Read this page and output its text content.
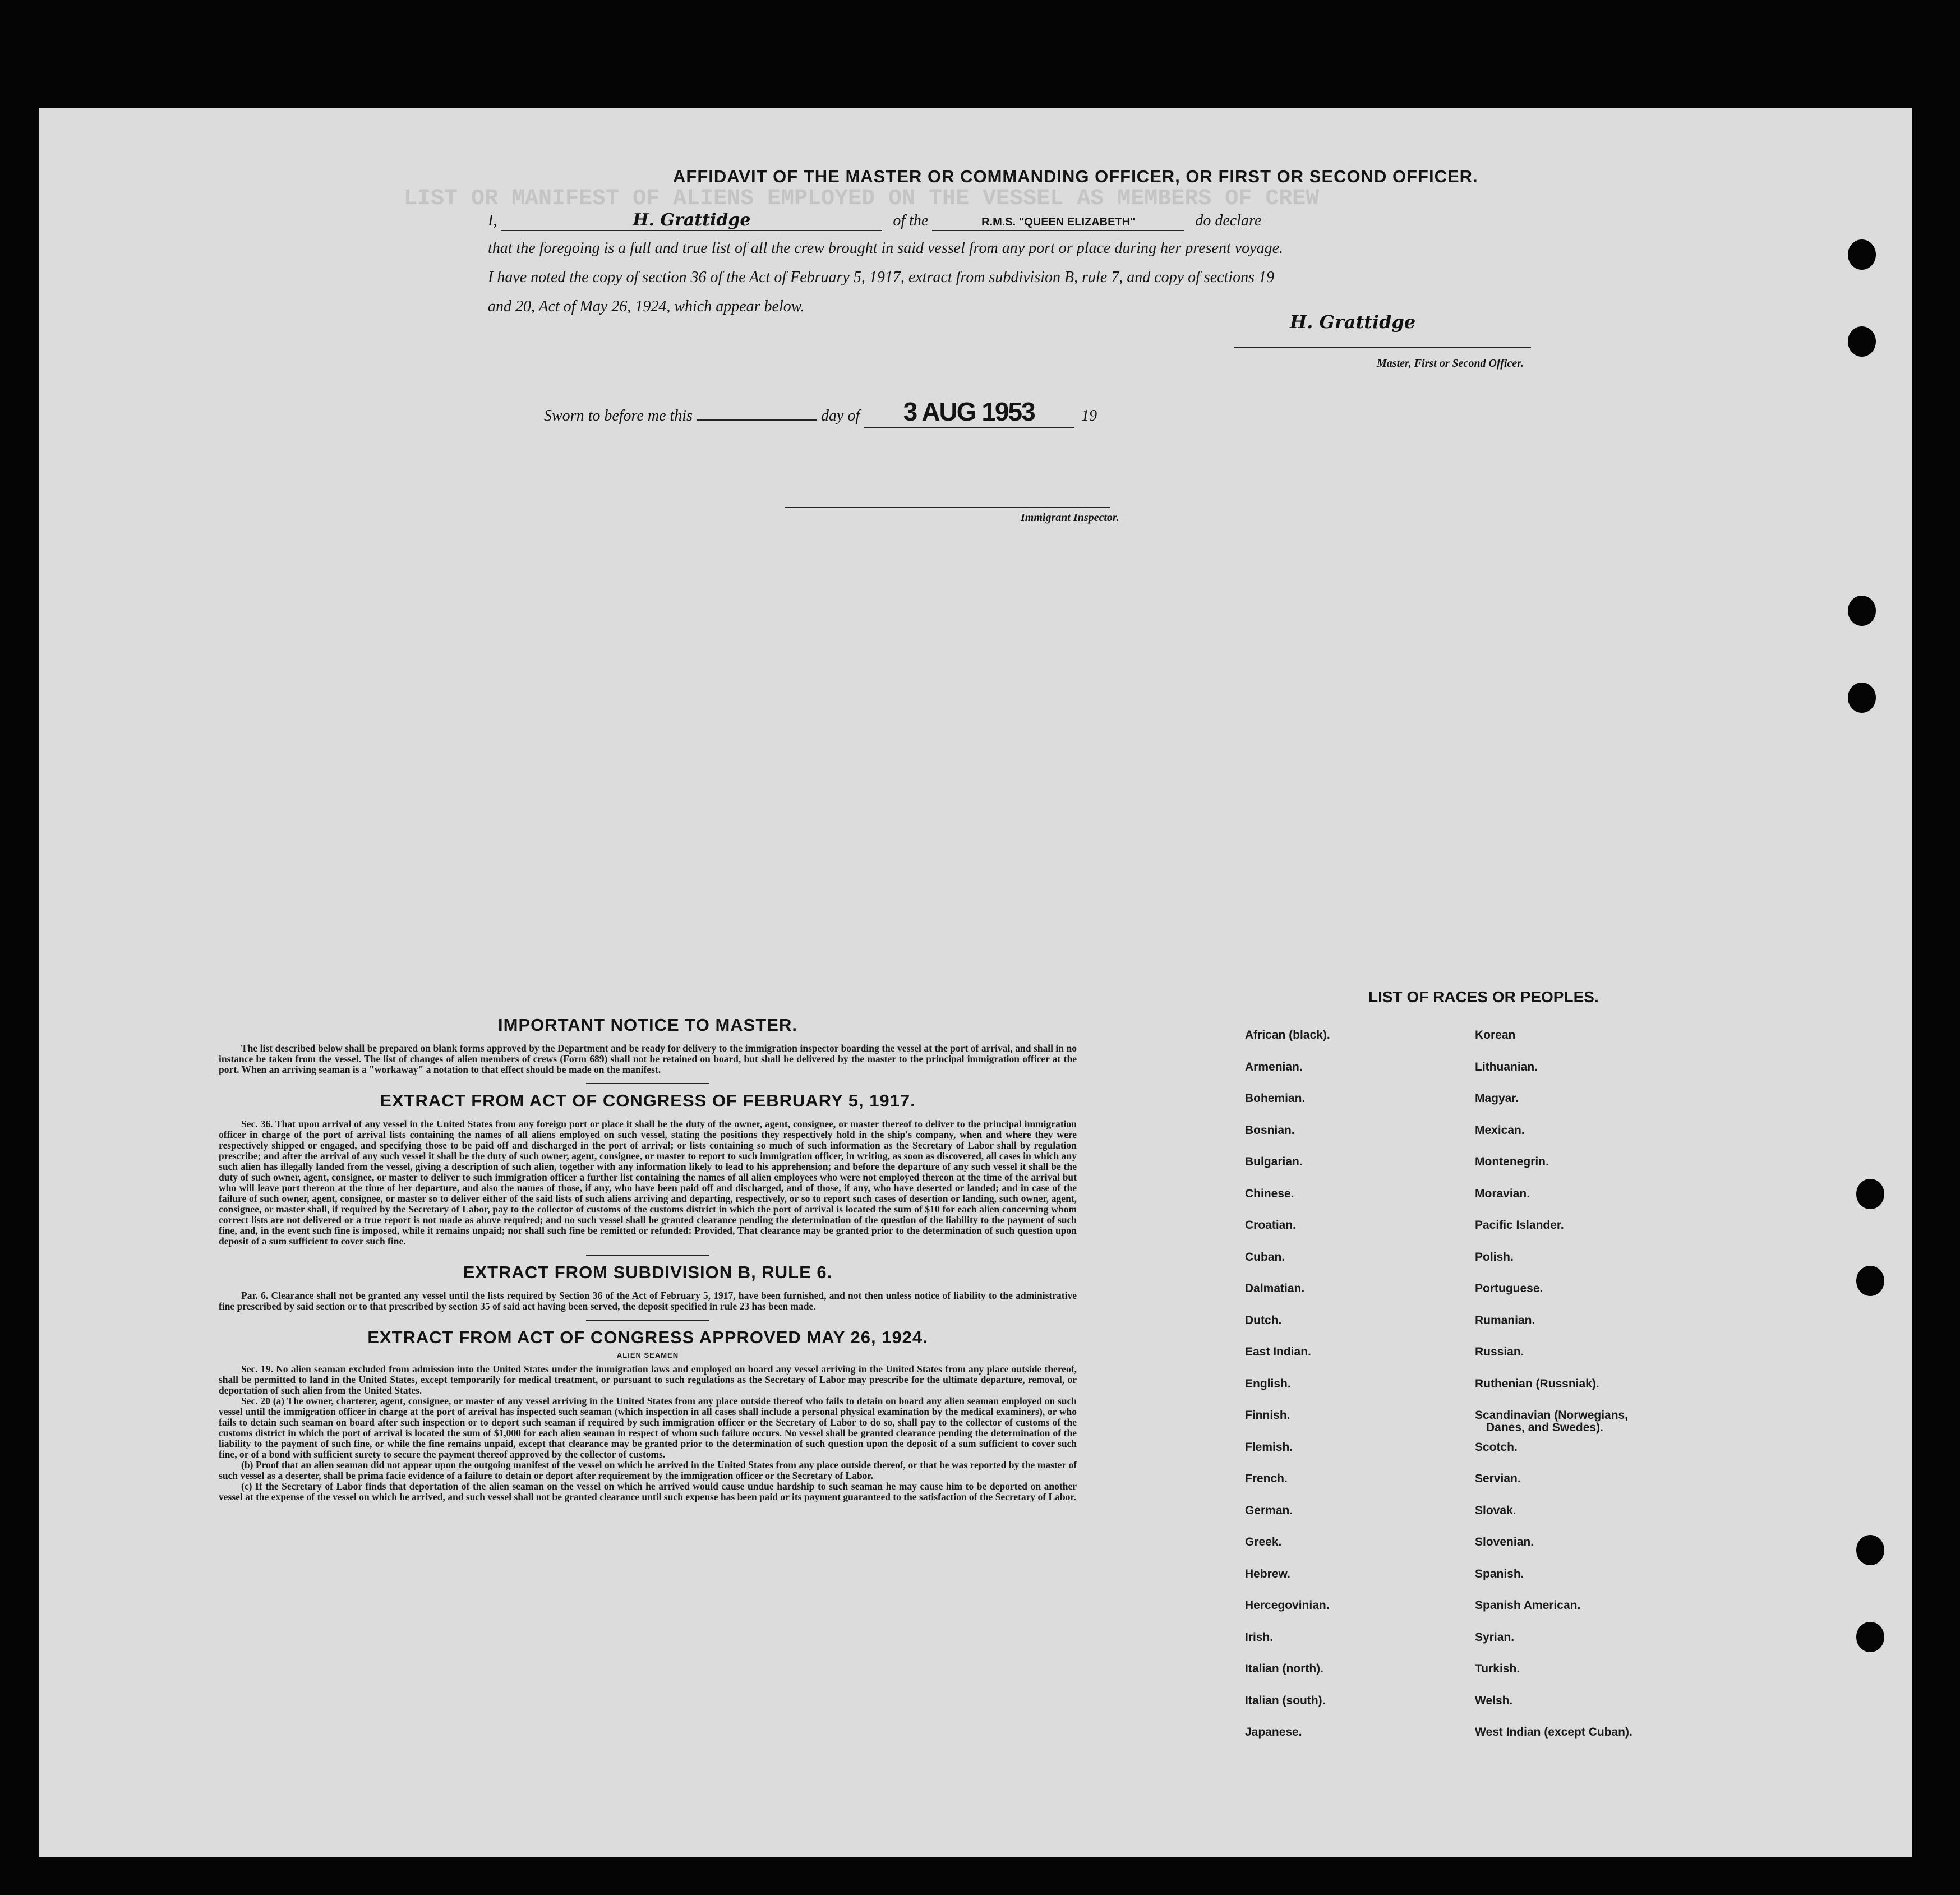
LIST OR MANIFEST OF ALIENS EMPLOYED ON THE VESSEL AS MEMBERS OF CREW
AFFIDAVIT OF THE MASTER OR COMMANDING OFFICER, OR FIRST OR SECOND OFFICER.
I,	H. Grattidge	of the	R.M.S. "QUEEN ELIZABETH"	do declare
that the foregoing is a full and true list of all the crew brought in said vessel from any port or place during her present voyage.
I have noted the copy of section 36 of the Act of February 5, 1917, extract from subdivision B, rule 7, and copy of sections 19
and 20, Act of May 26, 1924, which appear below.
H. Grattidge
Master, First or Second Officer.
Sworn to before me this	day of 3 AUG 1953	19
Immigrant Inspector.
IMPORTANT NOTICE TO MASTER.
The list described below shall be prepared on blank forms approved by the Department and be ready for delivery to the immigration inspector boarding the vessel at the port of arrival, and shall in no instance be taken from the vessel. The list of changes of alien members of crews (Form 689) shall not be retained on board, but shall be delivered by the master to the principal immigration officer at the port. When an arriving seaman is a "workaway" a notation to that effect should be made on the manifest.
EXTRACT FROM ACT OF CONGRESS OF FEBRUARY 5, 1917.
Sec. 36. That upon arrival of any vessel in the United States from any foreign port or place it shall be the duty of the owner, agent, consignee, or master thereof to deliver to the principal immigration officer in charge of the port of arrival lists containing the names of all aliens employed on such vessel, stating the positions they respectively hold in the ship's company, when and where they were respectively shipped or engaged, and specifying those to be paid off and discharged in the port of arrival; or lists containing so much of such information as the Secretary of Labor shall by regulation prescribe; and after the arrival of any such vessel it shall be the duty of such owner, agent, consignee, or master to report to such immigration officer, in writing, as soon as discovered, all cases in which any such alien has illegally landed from the vessel, giving a description of such alien, together with any information likely to lead to his apprehension; and before the departure of any such vessel it shall be the duty of such owner, agent, consignee, or master to deliver to such immigration officer a further list containing the names of all alien employees who were not employed thereon at the time of the arrival but who will leave port thereon at the time of her departure, and also the names of those, if any, who have been paid off and discharged, and of those, if any, who have deserted or landed; and in case of the failure of such owner, agent, consignee, or master so to deliver either of the said lists of such aliens arriving and departing, respectively, or so to report such cases of desertion or landing, such owner, agent, consignee, or master shall, if required by the Secretary of Labor, pay to the collector of customs of the customs district in which the port of arrival is located the sum of $10 for each alien concerning whom correct lists are not delivered or a true report is not made as above required; and no such vessel shall be granted clearance pending the determination of the question of the liability to the payment of such fine, and, in the event such fine is imposed, while it remains unpaid; nor shall such fine be remitted or refunded: Provided, That clearance may be granted prior to the determination of such question upon deposit of a sum sufficient to cover such fine.
EXTRACT FROM SUBDIVISION B, RULE 6.
Par. 6. Clearance shall not be granted any vessel until the lists required by Section 36 of the Act of February 5, 1917, have been furnished, and not then unless notice of liability to the administrative fine prescribed by said section or to that prescribed by section 35 of said act having been served, the deposit specified in rule 23 has been made.
EXTRACT FROM ACT OF CONGRESS APPROVED MAY 26, 1924.
ALIEN SEAMEN
Sec. 19. No alien seaman excluded from admission into the United States under the immigration laws and employed on board any vessel arriving in the United States from any place outside thereof, shall be permitted to land in the United States, except temporarily for medical treatment, or pursuant to such regulations as the Secretary of Labor may prescribe for the ultimate departure, removal, or deportation of such alien from the United States.
Sec. 20 (a) The owner, charterer, agent, consignee, or master of any vessel arriving in the United States from any place outside thereof who fails to detain on board any alien seaman employed on such vessel until the immigration officer in charge at the port of arrival has inspected such seaman (which inspection in all cases shall include a personal physical examination by the medical examiners), or who fails to detain such seaman on board after such inspection or to deport such seaman if required by such immigration officer or the Secretary of Labor to do so, shall pay to the collector of customs of the customs district in which the port of arrival is located the sum of $1,000 for each alien seaman in respect of whom such failure occurs. No vessel shall be granted clearance pending the determination of the liability to the payment of such fine, or while the fine remains unpaid, except that clearance may be granted prior to the determination of such question upon the deposit of a sum sufficient to cover such fine, or of a bond with sufficient surety to secure the payment thereof approved by the collector of customs.
(b) Proof that an alien seaman did not appear upon the outgoing manifest of the vessel on which he arrived in the United States from any place outside thereof, or that he was reported by the master of such vessel as a deserter, shall be prima facie evidence of a failure to detain or deport after requirement by the immigration officer or the Secretary of Labor.
(c) If the Secretary of Labor finds that deportation of the alien seaman on the vessel on which he arrived would cause undue hardship to such seaman he may cause him to be deported on another vessel at the expense of the vessel on which he arrived, and such vessel shall not be granted clearance until such expense has been paid or its payment guaranteed to the satisfaction of the Secretary of Labor.
LIST OF RACES OR PEOPLES.
African (black).
Armenian.
Bohemian.
Bosnian.
Bulgarian.
Chinese.
Croatian.
Cuban.
Dalmatian.
Dutch.
East Indian.
English.
Finnish.
Flemish.
French.
German.
Greek.
Hebrew.
Hercegovinian.
Irish.
Italian (north).
Italian (south).
Japanese.
Korean
Lithuanian.
Magyar.
Mexican.
Montenegrin.
Moravian.
Pacific Islander.
Polish.
Portuguese.
Rumanian.
Russian.
Ruthenian (Russniak).
Scandinavian (Norwegians,
Danes, and Swedes).
Scotch.
Servian.
Slovak.
Slovenian.
Spanish.
Spanish American.
Syrian.
Turkish.
Welsh.
West Indian (except Cuban).
